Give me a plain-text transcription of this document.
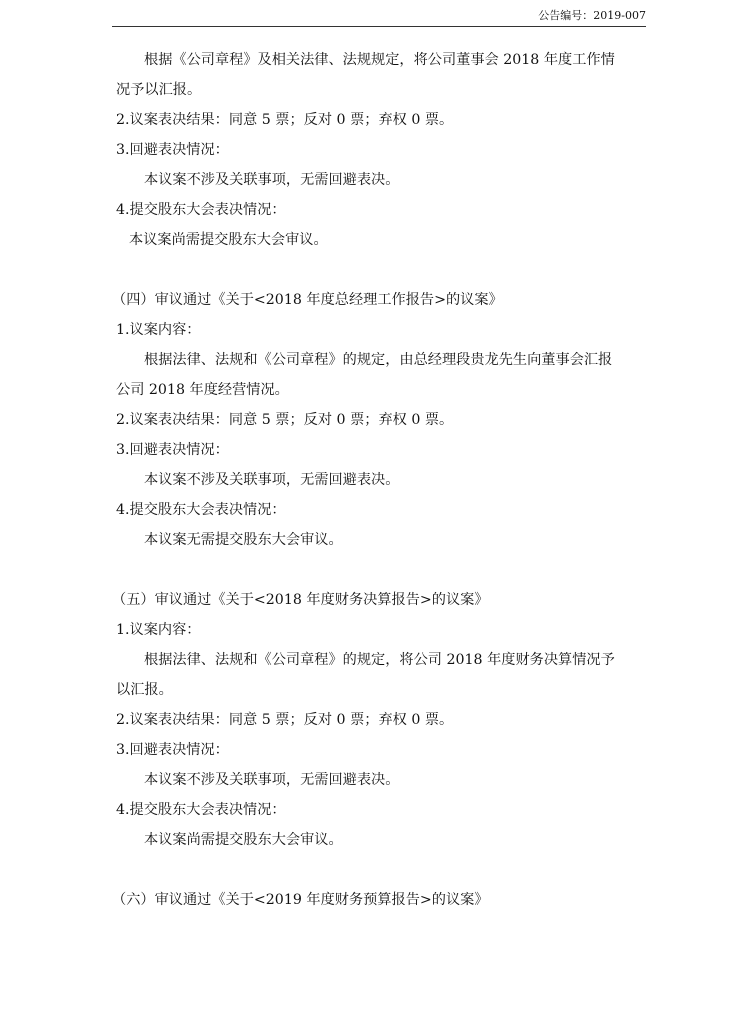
公告编号：2019-007
根据《公司章程》及相关法律、法规规定，将公司董事会 2018 年度工作情
况予以汇报。
2.议案表决结果：同意 5 票；反对 0 票；弃权 0 票。
3.回避表决情况：
本议案不涉及关联事项，无需回避表决。
4.提交股东大会表决情况：
本议案尚需提交股东大会审议。
（四）审议通过《关于<2018 年度总经理工作报告>的议案》
1.议案内容：
根据法律、法规和《公司章程》的规定，由总经理段贵龙先生向董事会汇报
公司 2018 年度经营情况。
2.议案表决结果：同意 5 票；反对 0 票；弃权 0 票。
3.回避表决情况：
本议案不涉及关联事项，无需回避表决。
4.提交股东大会表决情况：
本议案无需提交股东大会审议。
（五）审议通过《关于<2018 年度财务决算报告>的议案》
1.议案内容：
根据法律、法规和《公司章程》的规定，将公司 2018 年度财务决算情况予
以汇报。
2.议案表决结果：同意 5 票；反对 0 票；弃权 0 票。
3.回避表决情况：
本议案不涉及关联事项，无需回避表决。
4.提交股东大会表决情况：
本议案尚需提交股东大会审议。
（六）审议通过《关于<2019 年度财务预算报告>的议案》
